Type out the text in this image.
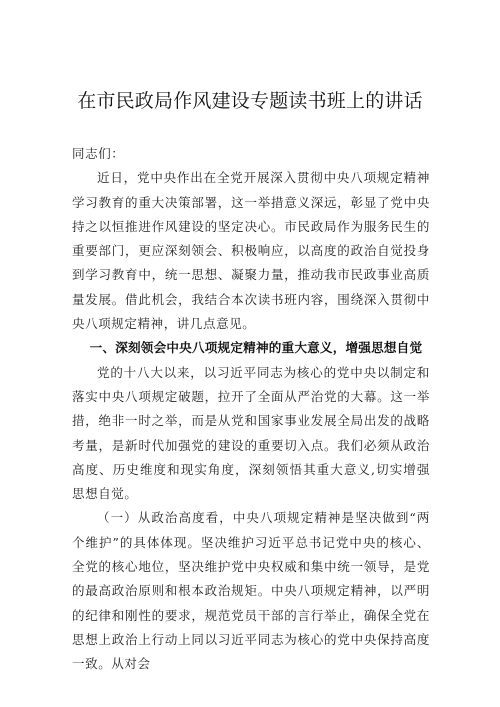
在市民政局作风建设专题读书班上的讲话

同志们：

近日，党中央作出在全党开展深入贯彻中央八项规定精神学习教育的重大决策部署，这一举措意义深远，彰显了党中央持之以恒推进作风建设的坚定决心。市民政局作为服务民生的重要部门，更应深刻领会、积极响应，以高度的政治自觉投身到学习教育中，统一思想、凝聚力量，推动我市民政事业高质量发展。借此机会，我结合本次读书班内容，围绕深入贯彻中央八项规定精神，讲几点意见。

一、深刻领会中央八项规定精神的重大意义，增强思想自觉

党的十八大以来，以习近平同志为核心的党中央以制定和落实中央八项规定破题，拉开了全面从严治党的大幕。这一举措，绝非一时之举，而是从党和国家事业发展全局出发的战略考量，是新时代加强党的建设的重要切入点。我们必须从政治高度、历史维度和现实角度，深刻领悟其重大意义,切实增强思想自觉。

（一）从政治高度看，中央八项规定精神是坚决做到“两个维护”的具体体现。坚决维护习近平总书记党中央的核心、全党的核心地位，坚决维护党中央权威和集中统一领导，是党的最高政治原则和根本政治规矩。中央八项规定精神，以严明的纪律和刚性的要求，规范党员干部的言行举止，确保全党在思想上政治上行动上同以习近平同志为核心的党中央保持高度一致。从对会
